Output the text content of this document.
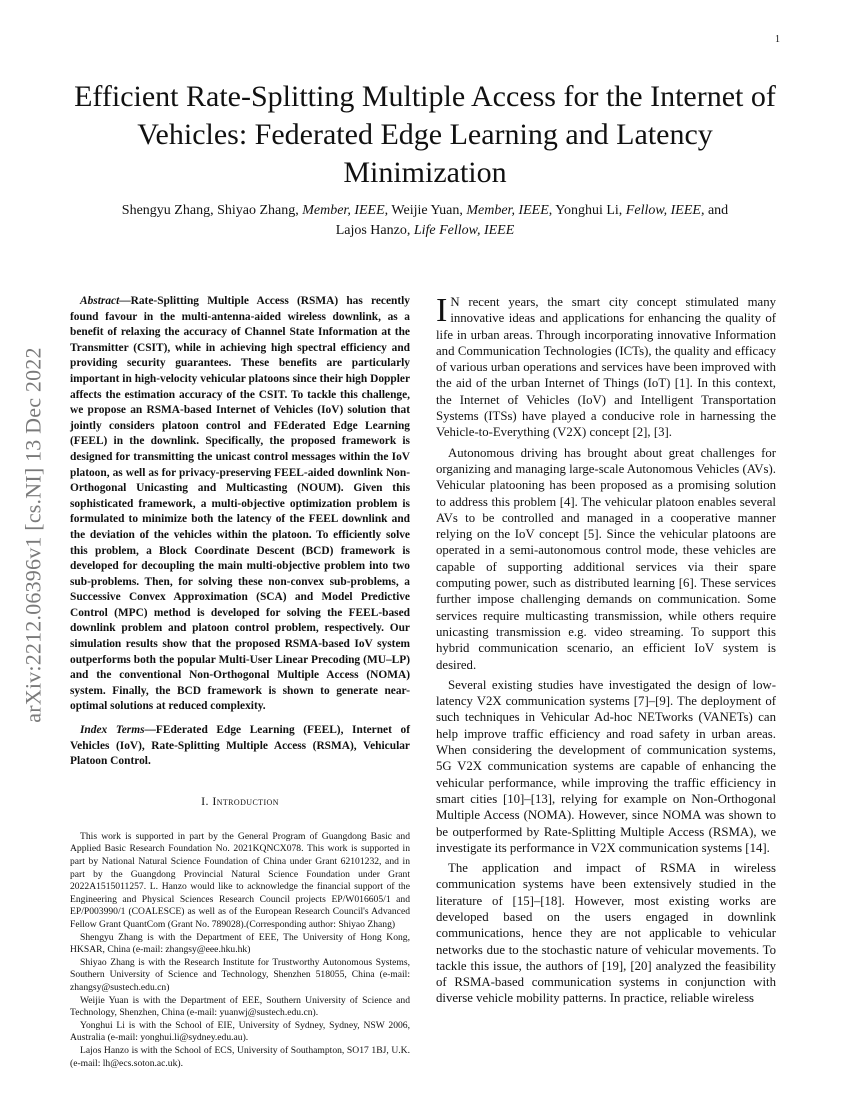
1
arXiv:2212.06396v1 [cs.NI] 13 Dec 2022
Efficient Rate-Splitting Multiple Access for the Internet of Vehicles: Federated Edge Learning and Latency Minimization
Shengyu Zhang, Shiyao Zhang, Member, IEEE, Weijie Yuan, Member, IEEE, Yonghui Li, Fellow, IEEE, and
Lajos Hanzo, Life Fellow, IEEE

Abstract—Rate-Splitting Multiple Access (RSMA) has recently found favour in the multi-antenna-aided wireless downlink, as a benefit of relaxing the accuracy of Channel State Information at the Transmitter (CSIT), while in achieving high spectral efficiency and providing security guarantees. These benefits are particularly important in high-velocity vehicular platoons since their high Doppler affects the estimation accuracy of the CSIT. To tackle this challenge, we propose an RSMA-based Internet of Vehicles (IoV) solution that jointly considers platoon control and FEderated Edge Learning (FEEL) in the downlink. Specifically, the proposed framework is designed for transmitting the unicast control messages within the IoV platoon, as well as for privacy-preserving FEEL-aided downlink Non-Orthogonal Unicasting and Multicasting (NOUM). Given this sophisticated framework, a multi-objective optimization problem is formulated to minimize both the latency of the FEEL downlink and the deviation of the vehicles within the platoon. To efficiently solve this problem, a Block Coordinate Descent (BCD) framework is developed for decoupling the main multi-objective problem into two sub-problems. Then, for solving these non-convex sub-problems, a Successive Convex Approximation (SCA) and Model Predictive Control (MPC) method is developed for solving the FEEL-based downlink problem and platoon control problem, respectively. Our simulation results show that the proposed RSMA-based IoV system outperforms both the popular Multi-User Linear Precoding (MU–LP) and the conventional Non-Orthogonal Multiple Access (NOMA) system. Finally, the BCD framework is shown to generate near-optimal solutions at reduced complexity.

Index Terms—FEderated Edge Learning (FEEL), Internet of Vehicles (IoV), Rate-Splitting Multiple Access (RSMA), Vehicular Platoon Control.
I. Introduction

This work is supported in part by the General Program of Guangdong Basic and Applied Basic Research Foundation No. 2021KQNCX078. This work is supported in part by National Natural Science Foundation of China under Grant 62101232, and in part by the Guangdong Provincial Natural Science Foundation under Grant 2022A1515011257. L. Hanzo would like to acknowledge the financial support of the Engineering and Physical Sciences Research Council projects EP/W016605/1 and EP/P003990/1 (COALESCE) as well as of the European Research Council's Advanced Fellow Grant QuantCom (Grant No. 789028).(Corresponding author: Shiyao Zhang)

Shengyu Zhang is with the Department of EEE, The University of Hong Kong, HKSAR, China (e-mail: zhangsy@eee.hku.hk)

Shiyao Zhang is with the Research Institute for Trustworthy Autonomous Systems, Southern University of Science and Technology, Shenzhen 518055, China (e-mail: zhangsy@sustech.edu.cn)

Weijie Yuan is with the Department of EEE, Southern University of Science and Technology, Shenzhen, China (e-mail: yuanwj@sustech.edu.cn).

Yonghui Li is with the School of EIE, University of Sydney, Sydney, NSW 2006, Australia (e-mail: yonghui.li@sydney.edu.au).

Lajos Hanzo is with the School of ECS, University of Southampton, SO17 1BJ, U.K. (e-mail: lh@ecs.soton.ac.uk).

I N recent years, the smart city concept stimulated many innovative ideas and applications for enhancing the quality of life in urban areas. Through incorporating innovative Information and Communication Technologies (ICTs), the quality and efficacy of various urban operations and services have been improved with the aid of the urban Internet of Things (IoT) [1]. In this context, the Internet of Vehicles (IoV) and Intelligent Transportation Systems (ITSs) have played a conducive role in harnessing the Vehicle-to-Everything (V2X) concept [2], [3].

Autonomous driving has brought about great challenges for organizing and managing large-scale Autonomous Vehicles (AVs). Vehicular platooning has been proposed as a promising solution to address this problem [4]. The vehicular platoon enables several AVs to be controlled and managed in a cooperative manner relying on the IoV concept [5]. Since the vehicular platoons are operated in a semi-autonomous control mode, these vehicles are capable of supporting additional services via their spare computing power, such as distributed learning [6]. These services further impose challenging demands on communication. Some services require multicasting transmission, while others require unicasting transmission e.g. video streaming. To support this hybrid communication scenario, an efficient IoV system is desired.

Several existing studies have investigated the design of low-latency V2X communication systems [7]–[9]. The deployment of such techniques in Vehicular Ad-hoc NETworks (VANETs) can help improve traffic efficiency and road safety in urban areas. When considering the development of communication systems, 5G V2X communication systems are capable of enhancing the vehicular performance, while improving the traffic efficiency in smart cities [10]–[13], relying for example on Non-Orthogonal Multiple Access (NOMA). However, since NOMA was shown to be outperformed by Rate-Splitting Multiple Access (RSMA), we investigate its performance in V2X communication systems [14].

The application and impact of RSMA in wireless communication systems have been extensively studied in the literature of [15]–[18]. However, most existing works are developed based on the users engaged in downlink communications, hence they are not applicable to vehicular networks due to the stochastic nature of vehicular movements. To tackle this issue, the authors of [19], [20] analyzed the feasibility of RSMA-based communication systems in conjunction with diverse vehicle mobility patterns. In practice, reliable wireless
